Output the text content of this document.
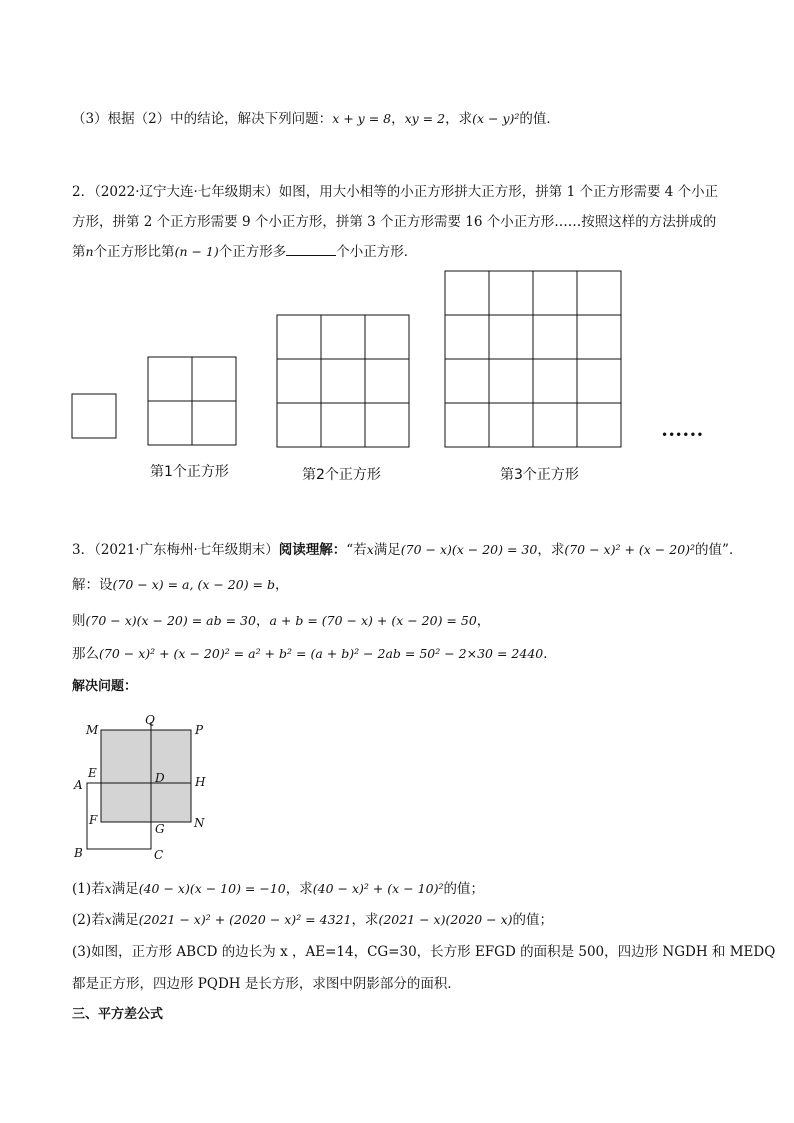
（3）根据（2）中的结论，解决下列问题：x + y = 8，xy = 2，求(x − y)²的值．
2．（2022·辽宁大连·七年级期末）如图，用大小相等的小正方形拼大正方形，拼第 1 个正方形需要 4 个小正
方形，拼第 2 个正方形需要 9 个小正方形，拼第 3 个正方形需要 16 个小正方形……按照这样的方法拼成的
第n个正方形比第(n − 1)个正方形多	个小正方形．
第1个正方形	第2个正方形	第3个正方形
••••••
3．（2021·广东梅州·七年级期末）阅读理解：“若x满足(70 − x)(x − 20) = 30，求(70 − x)² + (x − 20)²的值”．
解：设(70 − x) = a, (x − 20) = b，
则(70 − x)(x − 20) = ab = 30，a + b = (70 − x) + (x − 20) = 50，
那么(70 − x)² + (x − 20)² = a² + b² = (a + b)² − 2ab = 50² − 2×30 = 2440．
解决问题：
M
Q
P
E	D	H
A
F
G N
B	C
(1)若x满足(40 − x)(x − 10) = −10，求(40 − x)² + (x − 10)²的值；
(2)若x满足(2021 − x)² + (2020 − x)² = 4321，求(2021 − x)(2020 − x)的值；
(3)如图，正方形 ABCD 的边长为 x ，AE=14，CG=30，长方形 EFGD 的面积是 500，四边形 NGDH 和 MEDQ
都是正方形，四边形 PQDH 是长方形，求图中阴影部分的面积．
三、平方差公式
